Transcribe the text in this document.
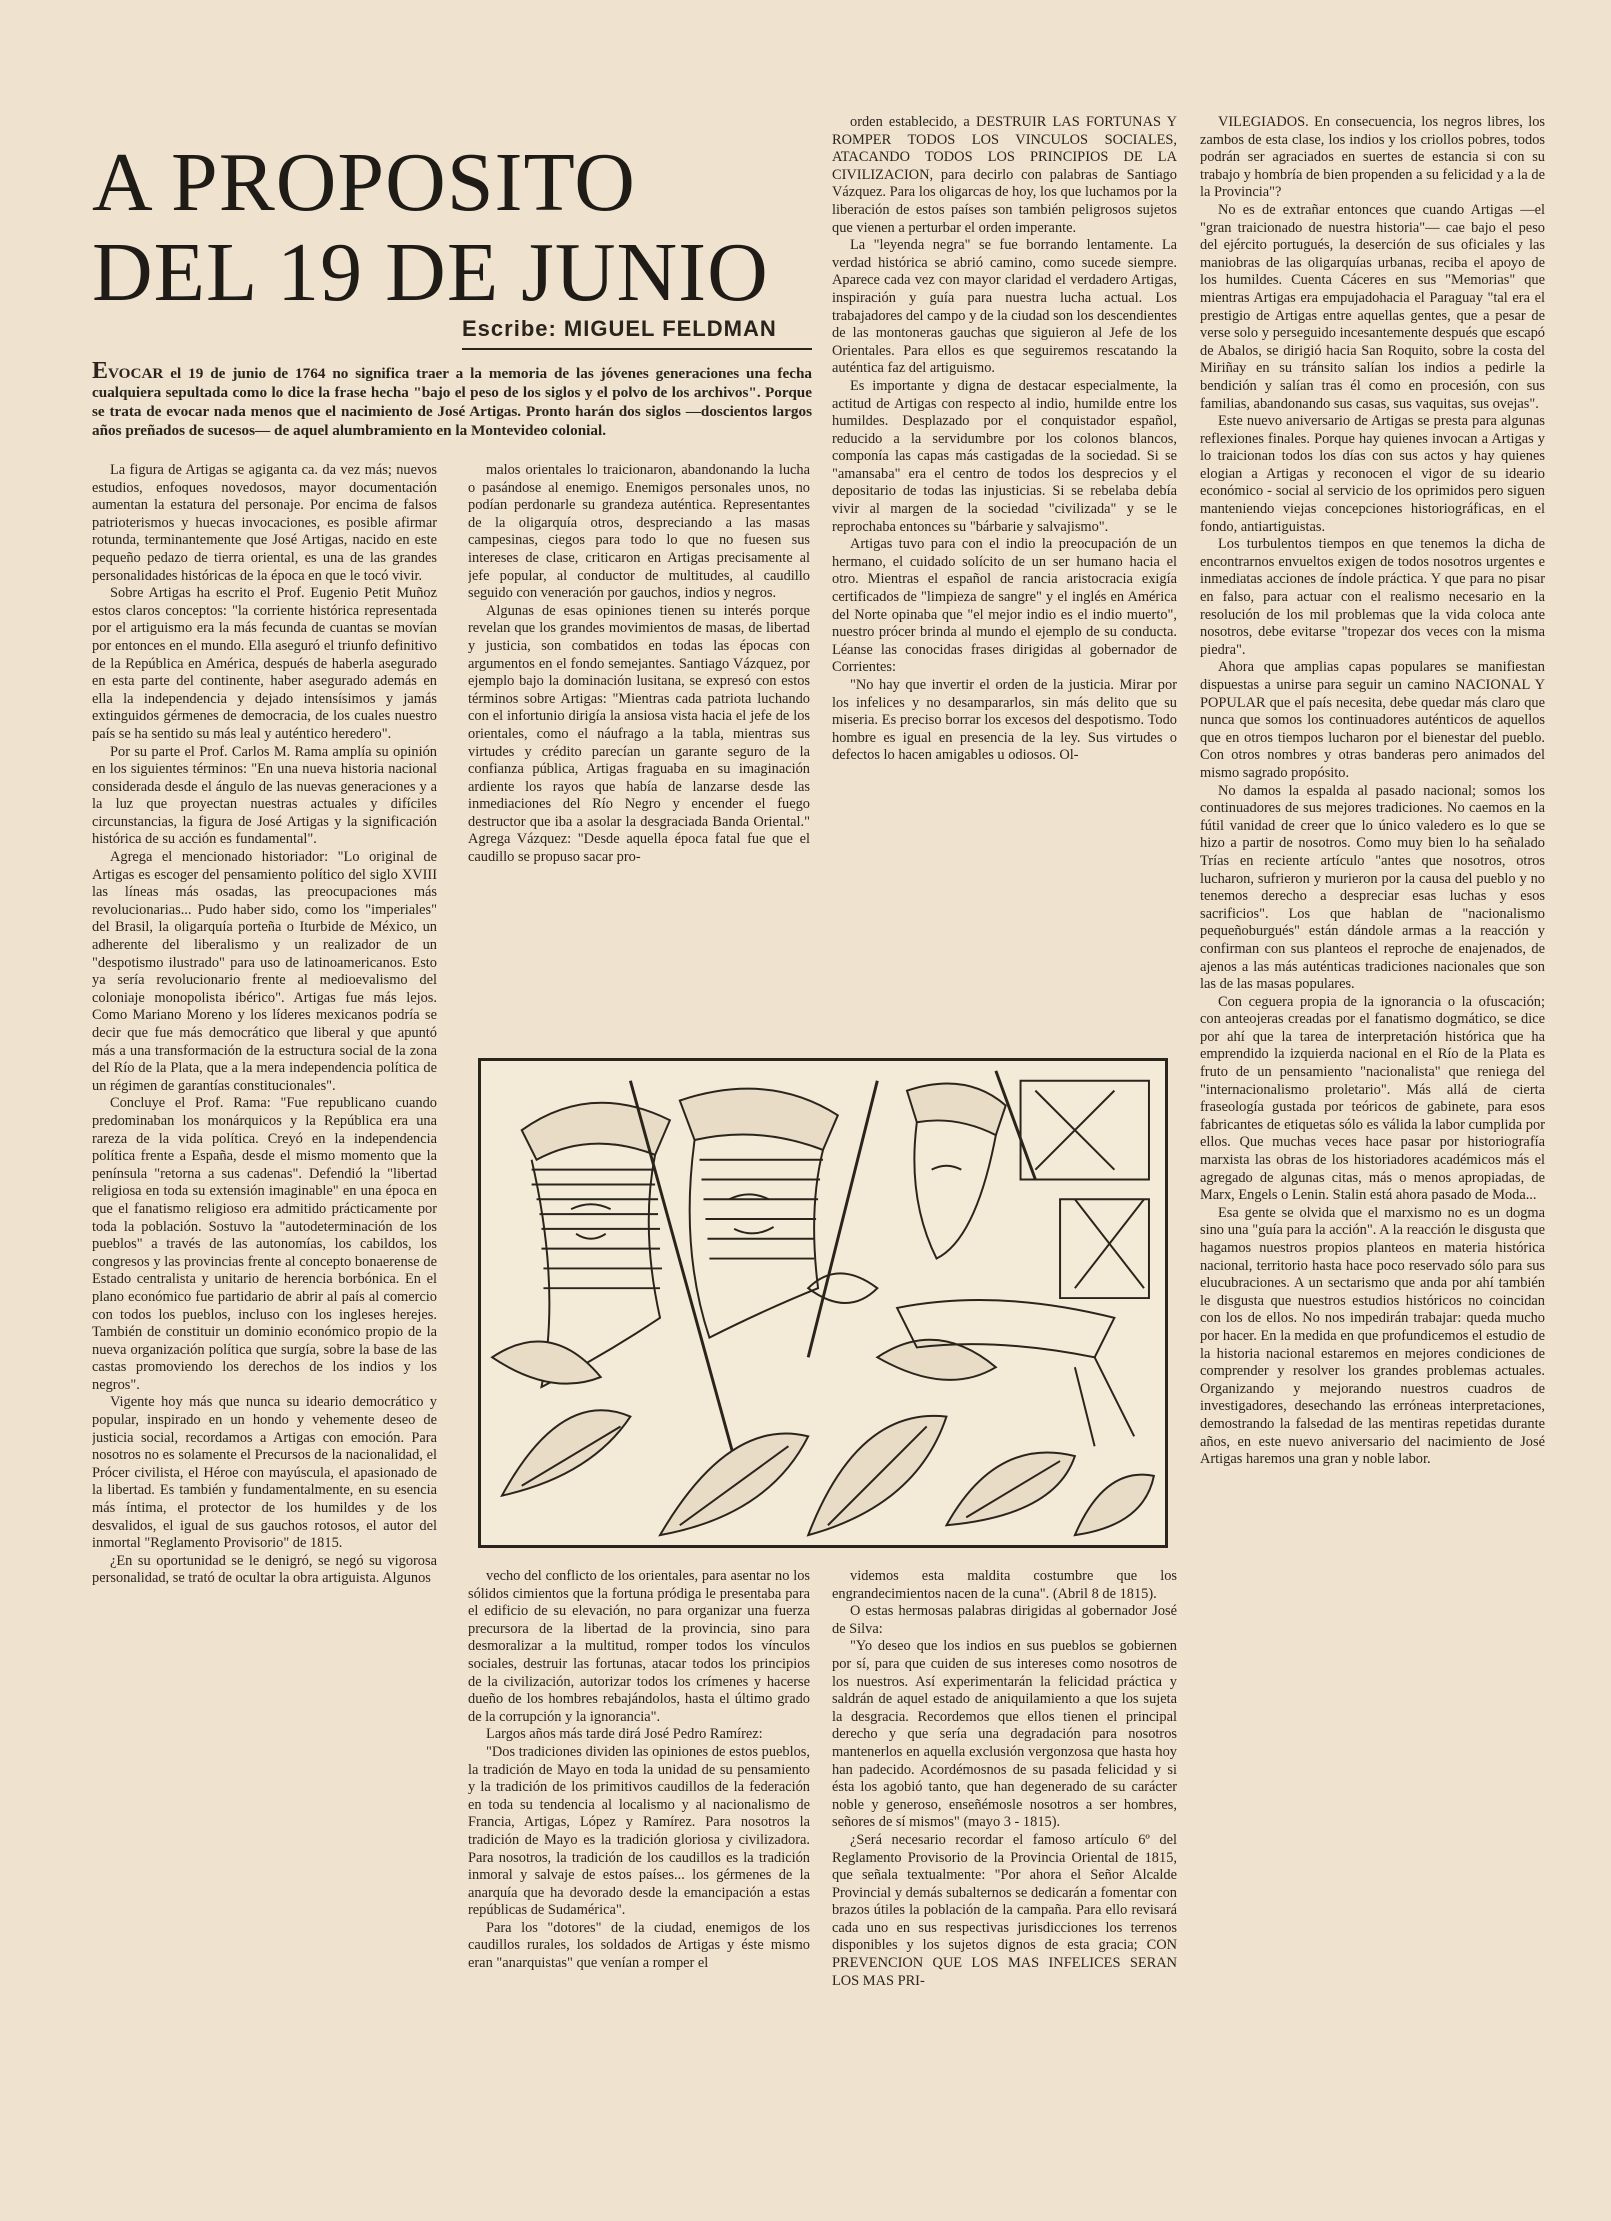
A PROPOSITO
DEL 19 DE JUNIO
Escribe: MIGUEL FELDMAN

EVOCAR el 19 de junio de 1764 no significa traer a la memoria de las jóvenes generaciones una fecha cualquiera sepultada como lo dice la frase hecha "bajo el peso de los siglos y el polvo de los archivos". Porque se trata de evocar nada menos que el nacimiento de José Artigas. Pronto harán dos siglos —doscientos largos años preñados de sucesos— de aquel alumbramiento en la Montevideo colonial.

La figura de Artigas se agiganta ca. da vez más; nuevos estudios, enfoques novedosos, mayor documentación aumentan la estatura del personaje. Por encima de falsos patrioterismos y huecas invocaciones, es posible afirmar rotunda, terminantemente que José Artigas, nacido en este pequeño pedazo de tierra oriental, es una de las grandes personalidades históricas de la época en que le tocó vivir.

Sobre Artigas ha escrito el Prof. Eugenio Petit Muñoz estos claros conceptos: "la corriente histórica representada por el artiguismo era la más fecunda de cuantas se movían por entonces en el mundo. Ella aseguró el triunfo definitivo de la República en América, después de haberla asegurado en esta parte del continente, haber asegurado además en ella la independencia y dejado intensísimos y jamás extinguidos gérmenes de democracia, de los cuales nuestro país se ha sentido su más leal y auténtico heredero".

Por su parte el Prof. Carlos M. Rama amplía su opinión en los siguientes términos: "En una nueva historia nacional considerada desde el ángulo de las nuevas generaciones y a la luz que proyectan nuestras actuales y difíciles circunstancias, la figura de José Artigas y la significación histórica de su acción es fundamental".

Agrega el mencionado historiador: "Lo original de Artigas es escoger del pensamiento político del siglo XVIII las líneas más osadas, las preocupaciones más revolucionarias... Pudo haber sido, como los "imperiales" del Brasil, la oligarquía porteña o Iturbide de México, un adherente del liberalismo y un realizador de un "despotismo ilustrado" para uso de latinoamericanos. Esto ya sería revolucionario frente al medioevalismo del coloniaje monopolista ibérico". Artigas fue más lejos. Como Mariano Moreno y los líderes mexicanos podría se decir que fue más democrático que liberal y que apuntó más a una transformación de la estructura social de la zona del Río de la Plata, que a la mera independencia política de un régimen de garantías constitucionales".

Concluye el Prof. Rama: "Fue republicano cuando predominaban los monárquicos y la República era una rareza de la vida política. Creyó en la independencia política frente a España, desde el mismo momento que la península "retorna a sus cadenas". Defendió la "libertad religiosa en toda su extensión imaginable" en una época en que el fanatismo religioso era admitido prácticamente por toda la población. Sostuvo la "autodeterminación de los pueblos" a través de las autonomías, los cabildos, los congresos y las provincias frente al concepto bonaerense de Estado centralista y unitario de herencia borbónica. En el plano económico fue partidario de abrir al país al comercio con todos los pueblos, incluso con los ingleses herejes. También de constituir un dominio económico propio de la nueva organización política que surgía, sobre la base de las castas promoviendo los derechos de los indios y los negros".

Vigente hoy más que nunca su ideario democrático y popular, inspirado en un hondo y vehemente deseo de justicia social, recordamos a Artigas con emoción. Para nosotros no es solamente el Precursos de la nacionalidad, el Prócer civilista, el Héroe con mayúscula, el apasionado de la libertad. Es también y fundamentalmente, en su esencia más íntima, el protector de los humildes y de los desvalidos, el igual de sus gauchos rotosos, el autor del inmortal "Reglamento Provisorio" de 1815.

¿En su oportunidad se le denigró, se negó su vigorosa personalidad, se trató de ocultar la obra artiguista. Algunos

malos orientales lo traicionaron, abandonando la lucha o pasándose al enemigo. Enemigos personales unos, no podían perdonarle su grandeza auténtica. Representantes de la oligarquía otros, despreciando a las masas campesinas, ciegos para todo lo que no fuesen sus intereses de clase, criticaron en Artigas precisamente al jefe popular, al conductor de multitudes, al caudillo seguido con veneración por gauchos, indios y negros.

Algunas de esas opiniones tienen su interés porque revelan que los grandes movimientos de masas, de libertad y justicia, son combatidos en todas las épocas con argumentos en el fondo semejantes. Santiago Vázquez, por ejemplo bajo la dominación lusitana, se expresó con estos términos sobre Artigas: "Mientras cada patriota luchando con el infortunio dirigía la ansiosa vista hacia el jefe de los orientales, como el náufrago a la tabla, mientras sus virtudes y crédito parecían un garante seguro de la confianza pública, Artigas fraguaba en su imaginación ardiente los rayos que había de lanzarse desde las inmediaciones del Río Negro y encender el fuego destructor que iba a asolar la desgraciada Banda Oriental." Agrega Vázquez: "Desde aquella época fatal fue que el caudillo se propuso sacar pro-

orden establecido, a DESTRUIR LAS FORTUNAS Y ROMPER TODOS LOS VINCULOS SOCIALES, ATACANDO TODOS LOS PRINCIPIOS DE LA CIVILIZACION, para decirlo con palabras de Santiago Vázquez. Para los oligarcas de hoy, los que luchamos por la liberación de estos países son también peligrosos sujetos que vienen a perturbar el orden imperante.

La "leyenda negra" se fue borrando lentamente. La verdad histórica se abrió camino, como sucede siempre. Aparece cada vez con mayor claridad el verdadero Artigas, inspiración y guía para nuestra lucha actual. Los trabajadores del campo y de la ciudad son los descendientes de las montoneras gauchas que siguieron al Jefe de los Orientales. Para ellos es que seguiremos rescatando la auténtica faz del artiguismo.

Es importante y digna de destacar especialmente, la actitud de Artigas con respecto al indio, humilde entre los humildes. Desplazado por el conquistador español, reducido a la servidumbre por los colonos blancos, componía las capas más castigadas de la sociedad. Si se "amansaba" era el centro de todos los desprecios y el depositario de todas las injusticias. Si se rebelaba debía vivir al margen de la sociedad "civilizada" y se le reprochaba entonces su "bárbarie y salvajismo".

Artigas tuvo para con el indio la preocupación de un hermano, el cuidado solícito de un ser humano hacia el otro. Mientras el español de rancia aristocracia exigía certificados de "limpieza de sangre" y el inglés en América del Norte opinaba que "el mejor indio es el indio muerto", nuestro prócer brinda al mundo el ejemplo de su conducta. Léanse las conocidas frases dirigidas al gobernador de Corrientes:

"No hay que invertir el orden de la justicia. Mirar por los infelices y no desampararlos, sin más delito que su miseria. Es preciso borrar los excesos del despotismo. Todo hombre es igual en presencia de la ley. Sus virtudes o defectos lo hacen amigables u odiosos. Ol-

VILEGIADOS. En consecuencia, los negros libres, los zambos de esta clase, los indios y los criollos pobres, todos podrán ser agraciados en suertes de estancia si con su trabajo y hombría de bien propenden a su felicidad y a la de la Provincia"?

No es de extrañar entonces que cuando Artigas —el "gran traicionado de nuestra historia"— cae bajo el peso del ejército portugués, la deserción de sus oficiales y las maniobras de las oligarquías urbanas, reciba el apoyo de los humildes. Cuenta Cáceres en sus "Memorias" que mientras Artigas era empujadohacia el Paraguay "tal era el prestigio de Artigas entre aquellas gentes, que a pesar de verse solo y perseguido incesantemente después que escapó de Abalos, se dirigió hacia San Roquito, sobre la costa del Miriñay en su tránsito salían los indios a pedirle la bendición y salían tras él como en procesión, con sus familias, abandonando sus casas, sus vaquitas, sus ovejas".

Este nuevo aniversario de Artigas se presta para algunas reflexiones finales. Porque hay quienes invocan a Artigas y lo traicionan todos los días con sus actos y hay quienes elogian a Artigas y reconocen el vigor de su ideario económico - social al servicio de los oprimidos pero siguen manteniendo viejas concepciones historiográficas, en el fondo, antiartiguistas.

Los turbulentos tiempos en que tenemos la dicha de encontrarnos envueltos exigen de todos nosotros urgentes e inmediatas acciones de índole práctica. Y que para no pisar en falso, para actuar con el realismo necesario en la resolución de los mil problemas que la vida coloca ante nosotros, debe evitarse "tropezar dos veces con la misma piedra".

Ahora que amplias capas populares se manifiestan dispuestas a unirse para seguir un camino NACIONAL Y POPULAR que el país necesita, debe quedar más claro que nunca que somos los continuadores auténticos de aquellos que en otros tiempos lucharon por el bienestar del pueblo. Con otros nombres y otras banderas pero animados del mismo sagrado propósito.

No damos la espalda al pasado nacional; somos los continuadores de sus mejores tradiciones. No caemos en la fútil vanidad de creer que lo único valedero es lo que se hizo a partir de nosotros. Como muy bien lo ha señalado Trías en reciente artículo "antes que nosotros, otros lucharon, sufrieron y murieron por la causa del pueblo y no tenemos derecho a despreciar esas luchas y esos sacrificios". Los que hablan de "nacionalismo pequeñoburgués" están dándole armas a la reacción y confirman con sus planteos el reproche de enajenados, de ajenos a las más auténticas tradiciones nacionales que son las de las masas populares.

Con ceguera propia de la ignorancia o la ofuscación; con anteojeras creadas por el fanatismo dogmático, se dice por ahí que la tarea de interpretación histórica que ha emprendido la izquierda nacional en el Río de la Plata es fruto de un pensamiento "nacionalista" que reniega del "internacionalismo proletario". Más allá de cierta fraseología gustada por teóricos de gabinete, para esos fabricantes de etiquetas sólo es válida la labor cumplida por ellos. Que muchas veces hace pasar por historiografía marxista las obras de los historiadores académicos más el agregado de algunas citas, más o menos apropiadas, de Marx, Engels o Lenin. Stalin está ahora pasado de Moda...

Esa gente se olvida que el marxismo no es un dogma sino una "guía para la acción". A la reacción le disgusta que hagamos nuestros propios planteos en materia histórica nacional, territorio hasta hace poco reservado sólo para sus elucubraciones. A un sectarismo que anda por ahí también le disgusta que nuestros estudios históricos no coincidan con los de ellos. No nos impedirán trabajar: queda mucho por hacer. En la medida en que profundicemos el estudio de la historia nacional estaremos en mejores condiciones de comprender y resolver los grandes problemas actuales. Organizando y mejorando nuestros cuadros de investigadores, desechando las erróneas interpretaciones, demostrando la falsedad de las mentiras repetidas durante años, en este nuevo aniversario del nacimiento de José Artigas haremos una gran y noble labor.

vecho del conflicto de los orientales, para asentar no los sólidos cimientos que la fortuna pródiga le presentaba para el edificio de su elevación, no para organizar una fuerza precursora de la libertad de la provincia, sino para desmoralizar a la multitud, romper todos los vínculos sociales, destruir las fortunas, atacar todos los principios de la civilización, autorizar todos los crímenes y hacerse dueño de los hombres rebajándolos, hasta el último grado de la corrupción y la ignorancia".

Largos años más tarde dirá José Pedro Ramírez:

"Dos tradiciones dividen las opiniones de estos pueblos, la tradición de Mayo en toda la unidad de su pensamiento y la tradición de los primitivos caudillos de la federación en toda su tendencia al localismo y al nacionalismo de Francia, Artigas, López y Ramírez. Para nosotros la tradición de Mayo es la tradición gloriosa y civilizadora. Para nosotros, la tradición de los caudillos es la tradición inmoral y salvaje de estos países... los gérmenes de la anarquía que ha devorado desde la emancipación a estas repúblicas de Sudamérica".

Para los "dotores" de la ciudad, enemigos de los caudillos rurales, los soldados de Artigas y éste mismo eran "anarquistas" que venían a romper el

videmos esta maldita costumbre que los engrandecimientos nacen de la cuna". (Abril 8 de 1815).

O estas hermosas palabras dirigidas al gobernador José de Silva:

"Yo deseo que los indios en sus pueblos se gobiernen por sí, para que cuiden de sus intereses como nosotros de los nuestros. Así experimentarán la felicidad práctica y saldrán de aquel estado de aniquilamiento a que los sujeta la desgracia. Recordemos que ellos tienen el principal derecho y que sería una degradación para nosotros mantenerlos en aquella exclusión vergonzosa que hasta hoy han padecido. Acordémosnos de su pasada felicidad y si ésta los agobió tanto, que han degenerado de su carácter noble y generoso, enseñémosle nosotros a ser hombres, señores de sí mismos" (mayo 3 - 1815).

¿Será necesario recordar el famoso artículo 6º del Reglamento Provisorio de la Provincia Oriental de 1815, que señala textualmente: "Por ahora el Señor Alcalde Provincial y demás subalternos se dedicarán a fomentar con brazos útiles la población de la campaña. Para ello revisará cada uno en sus respectivas jurisdicciones los terrenos disponibles y los sujetos dignos de esta gracia; CON PREVENCION QUE LOS MAS INFELICES SERAN LOS MAS PRI-
